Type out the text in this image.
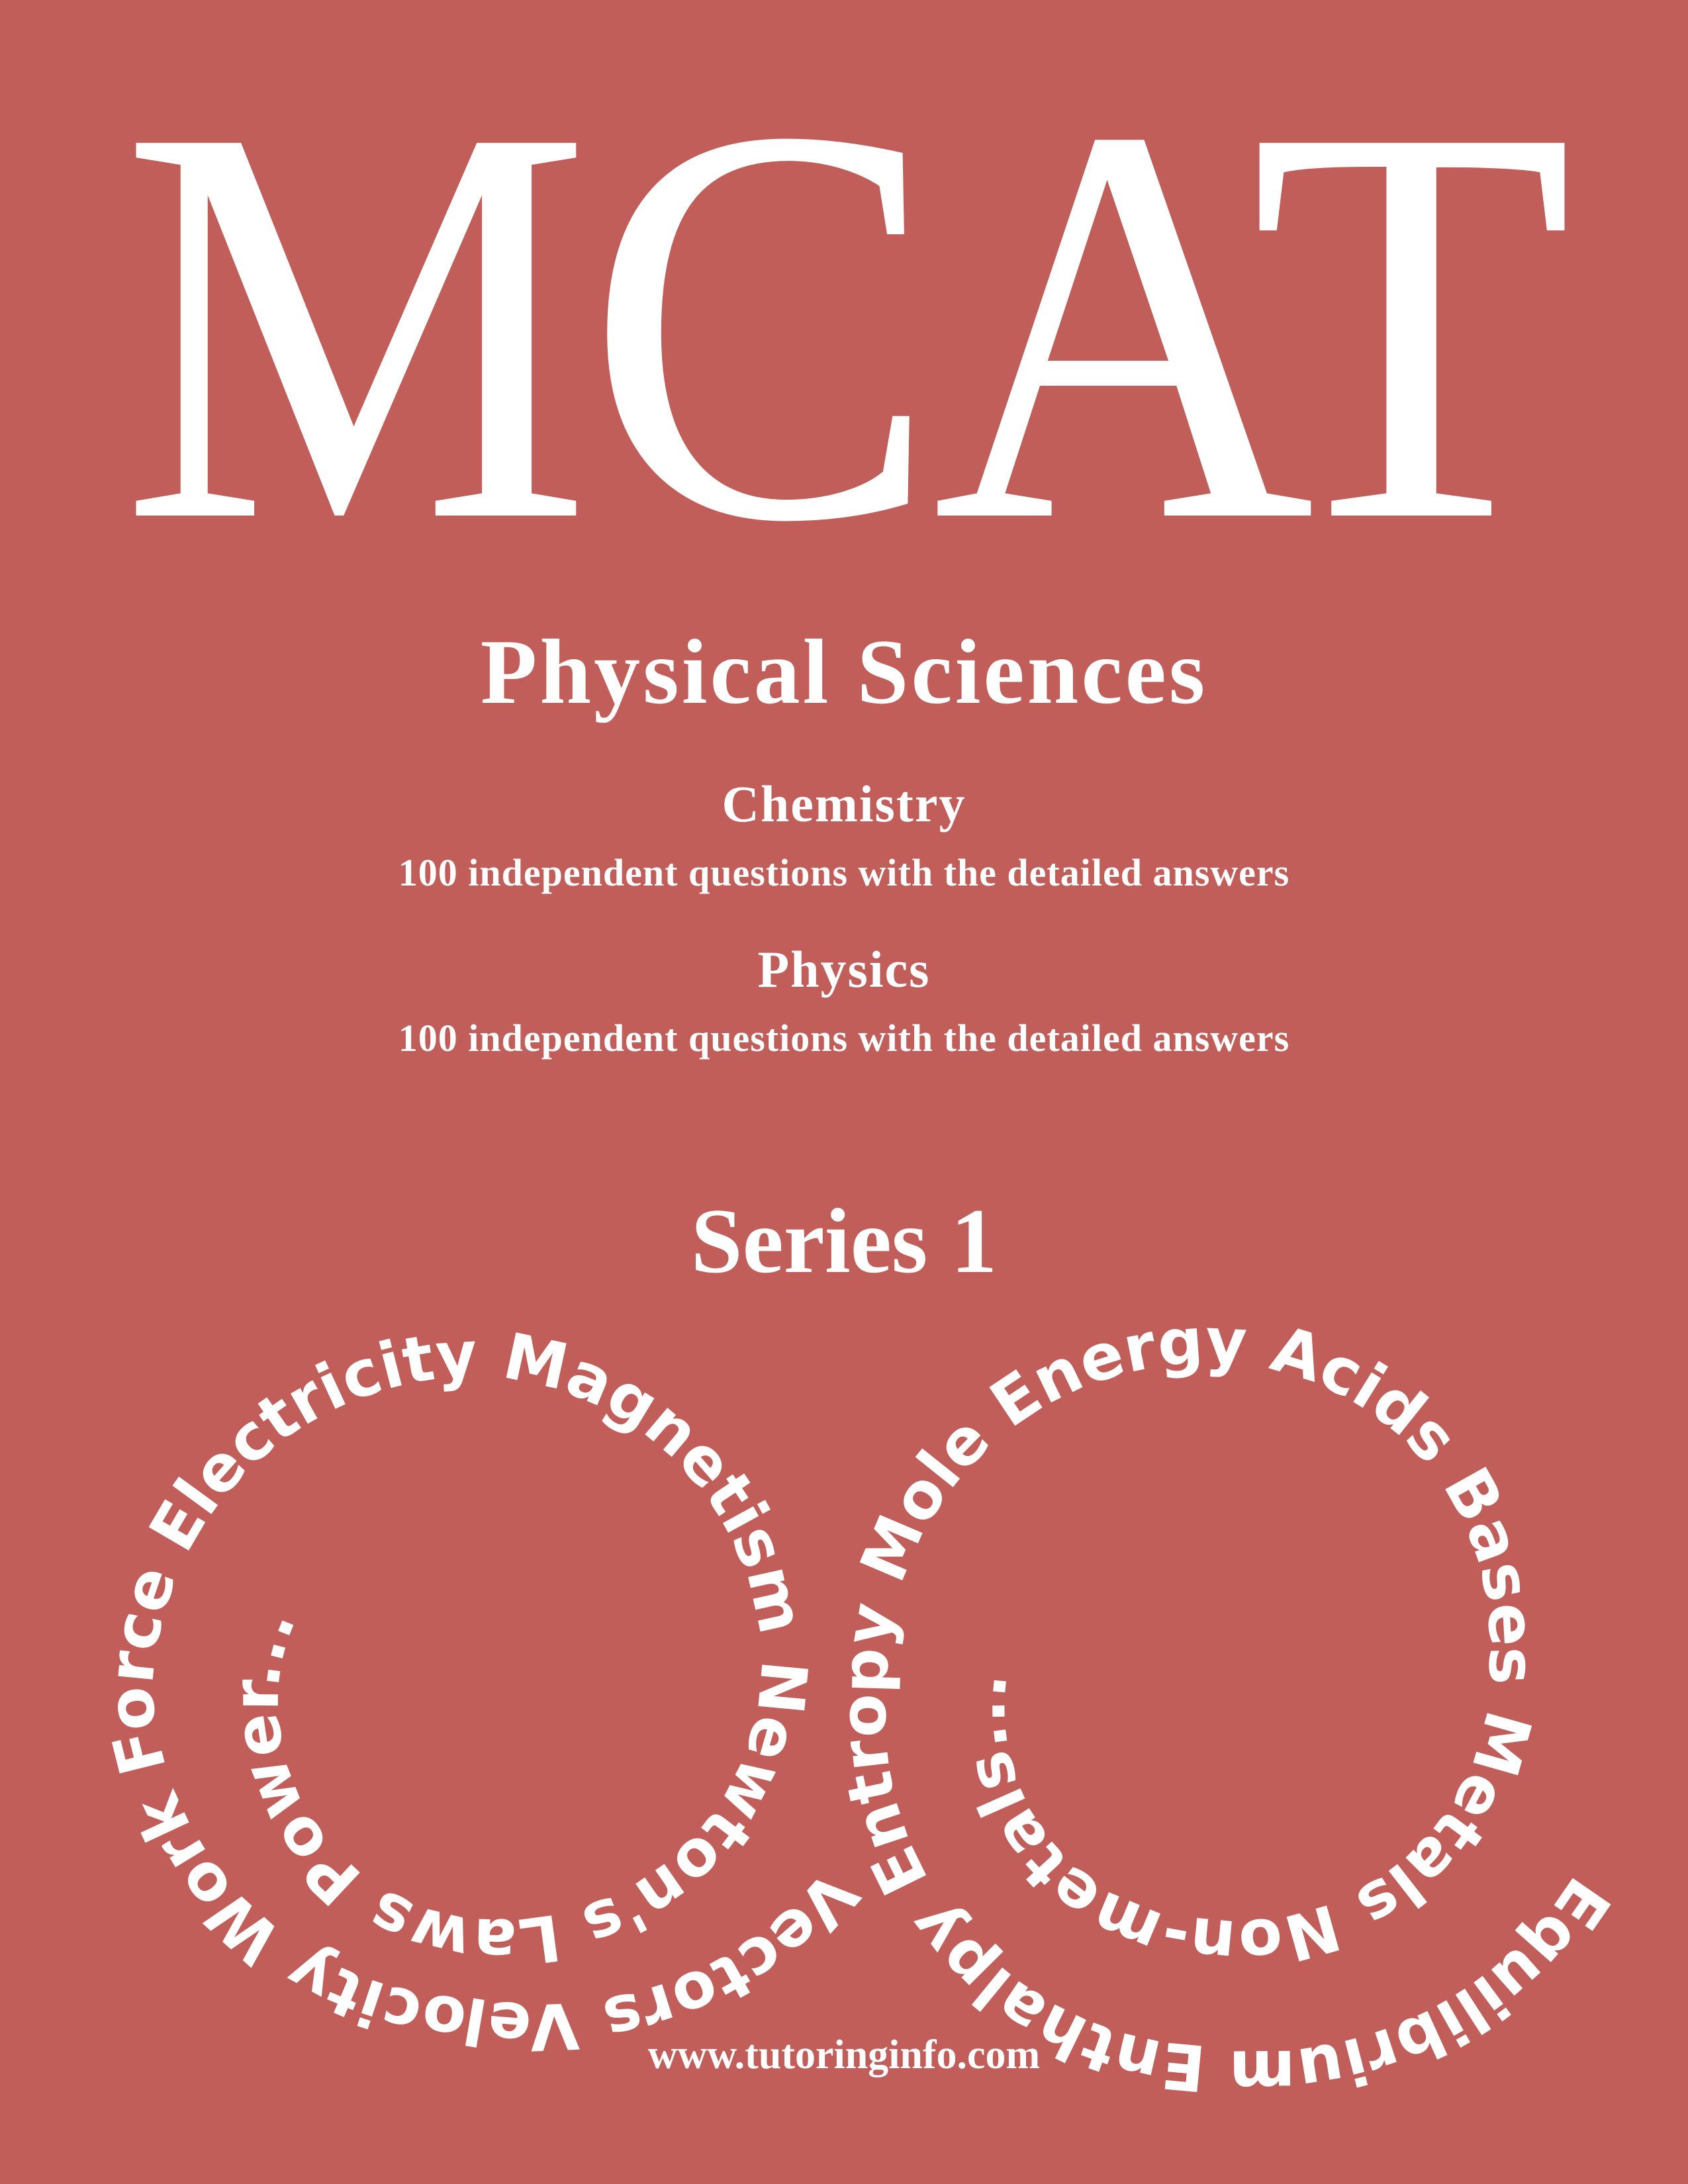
MCAT
Physical Sciences
Chemistry
100 independent questions with the detailed answers
Physics
100 independent questions with the detailed answers
Series 1
Vectors Velocity Work Force Electricity Magnetism Newton's Laws Power...
Equilibrium Enthalpy Entropy Mole Energy Acids Bases Metals Non-metals...
www.tutoringinfo.com
